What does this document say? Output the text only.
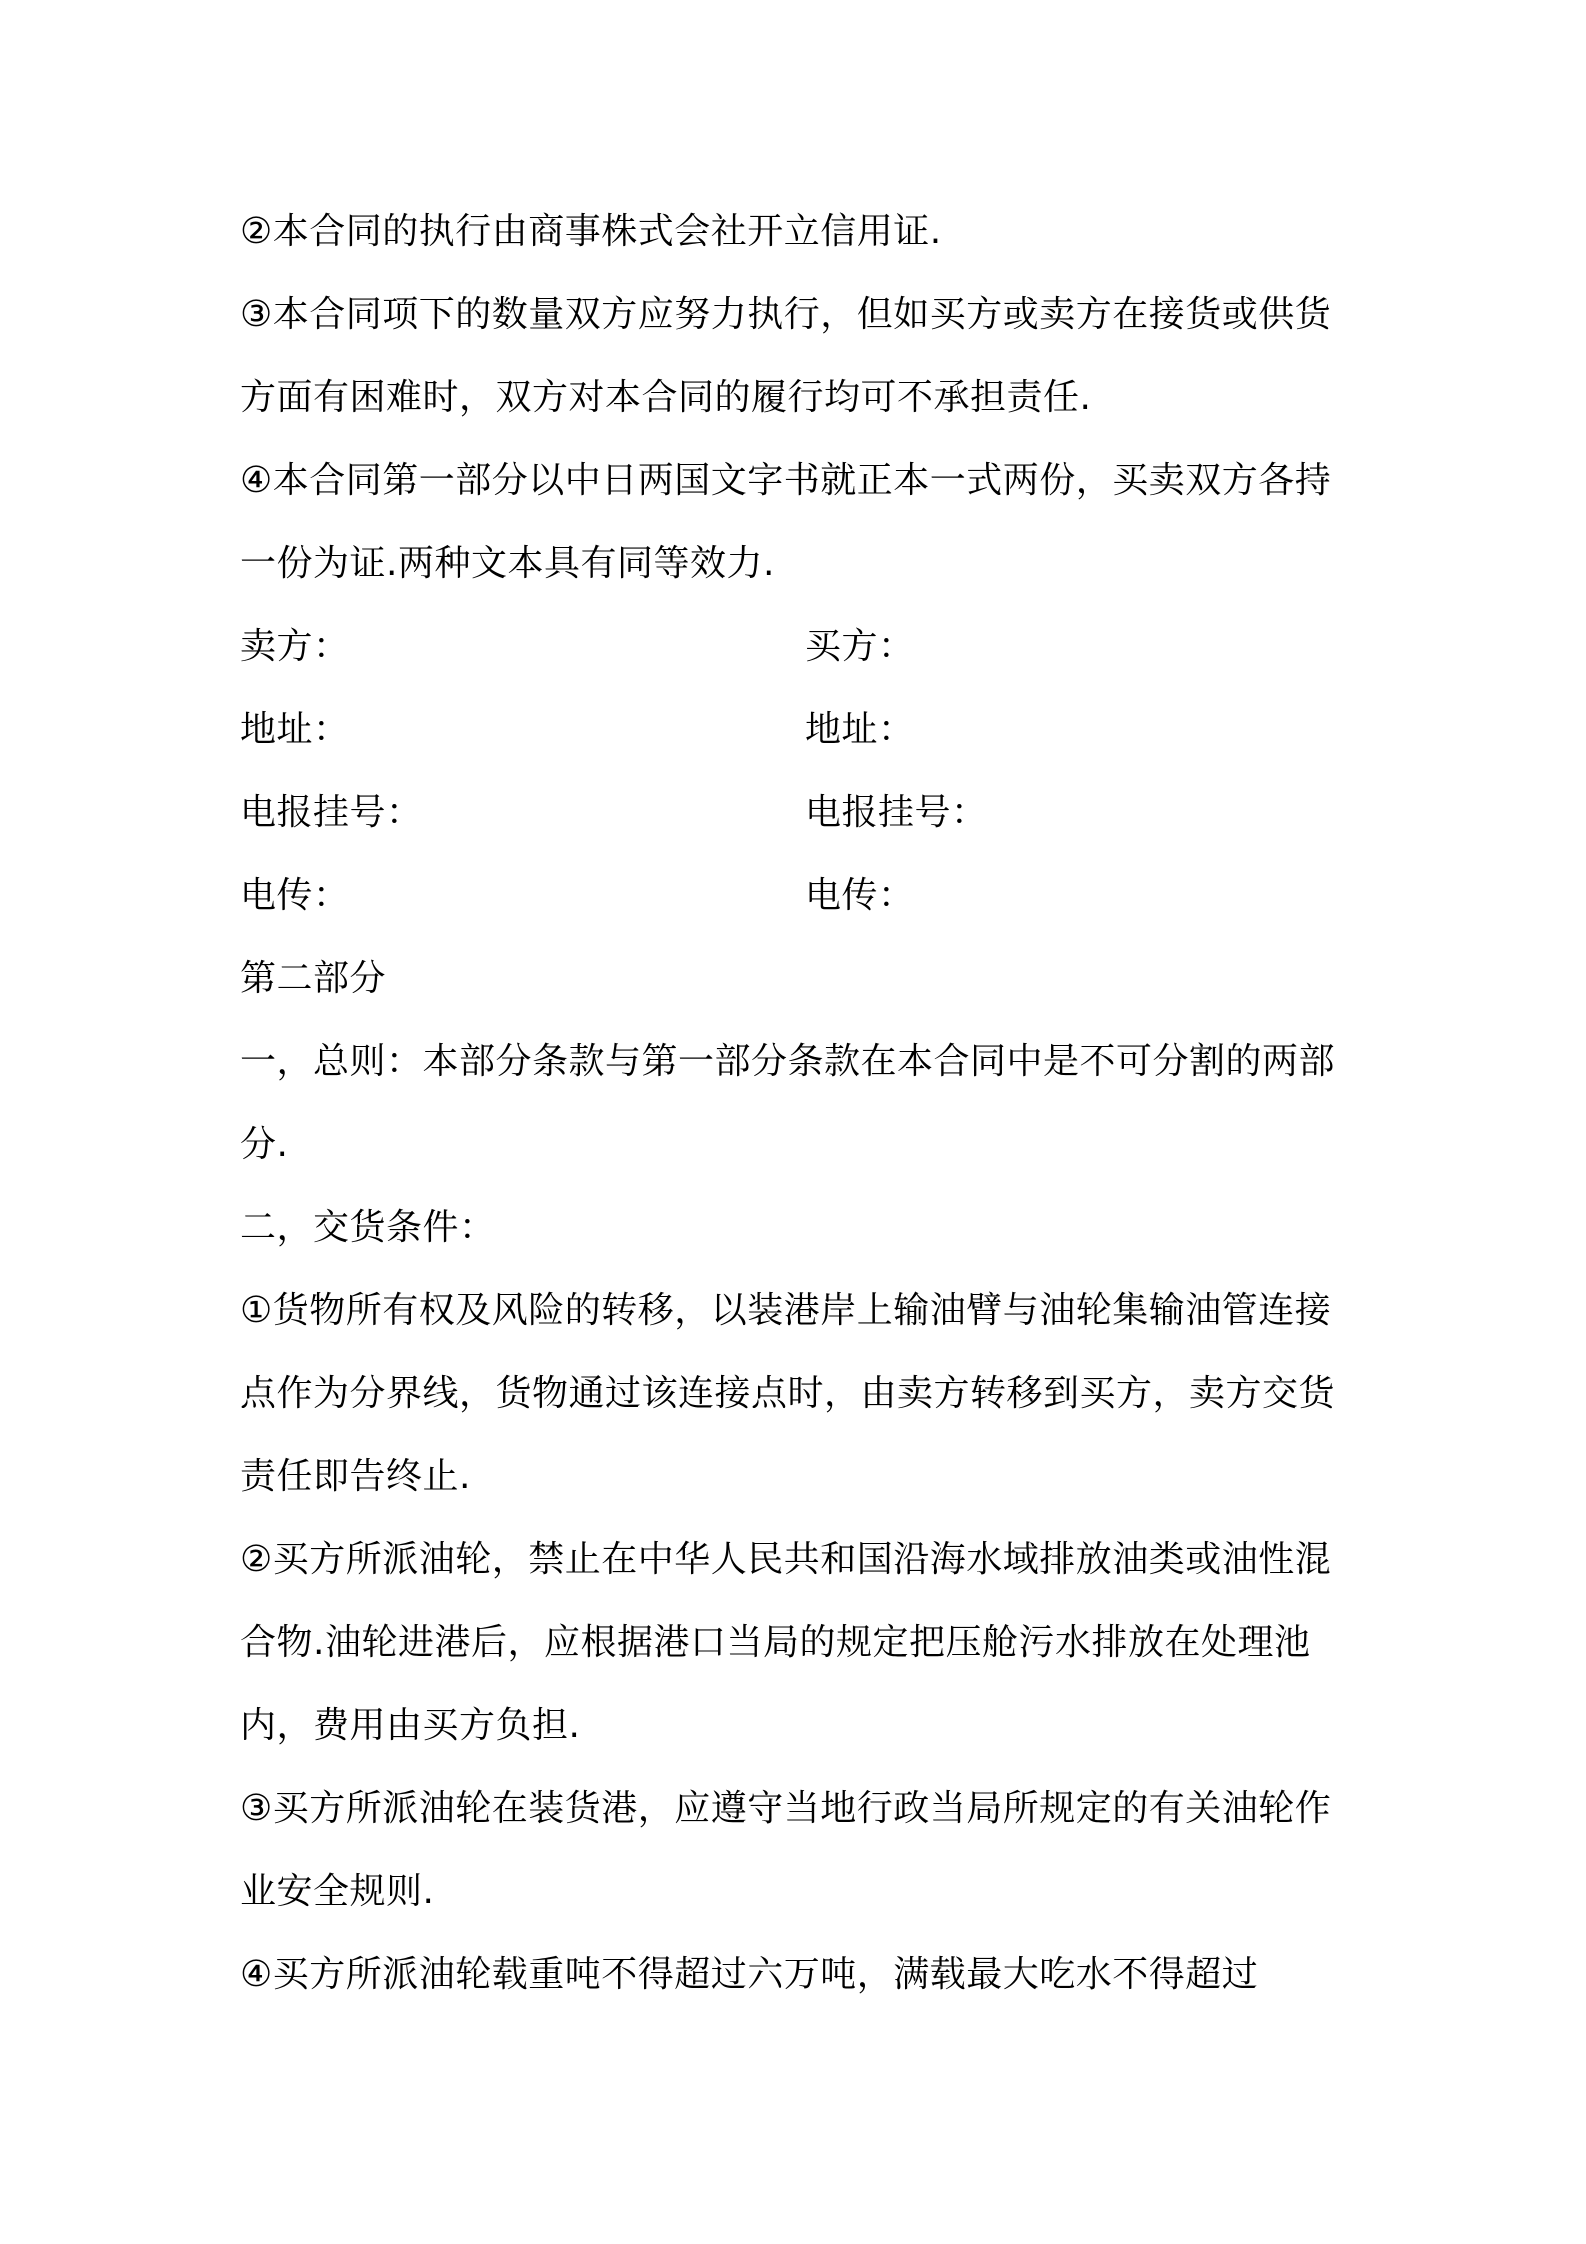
②本合同的执行由商事株式会社开立信用证.
③本合同项下的数量双方应努力执行，但如买方或卖方在接货或供货
方面有困难时，双方对本合同的履行均可不承担责任.
④本合同第一部分以中日两国文字书就正本一式两份，买卖双方各持
一份为证.两种文本具有同等效力.
卖方：	买方：
地址：	地址：
电报挂号：	电报挂号：
电传：	电传：
第二部分
一，总则：本部分条款与第一部分条款在本合同中是不可分割的两部
分.
二，交货条件：
①货物所有权及风险的转移，以装港岸上输油臂与油轮集输油管连接
点作为分界线，货物通过该连接点时，由卖方转移到买方，卖方交货
责任即告终止.
②买方所派油轮，禁止在中华人民共和国沿海水域排放油类或油性混
合物.油轮进港后，应根据港口当局的规定把压舱污水排放在处理池
内，费用由买方负担.
③买方所派油轮在装货港，应遵守当地行政当局所规定的有关油轮作
业安全规则.
④买方所派油轮载重吨不得超过六万吨，满载最大吃水不得超过
